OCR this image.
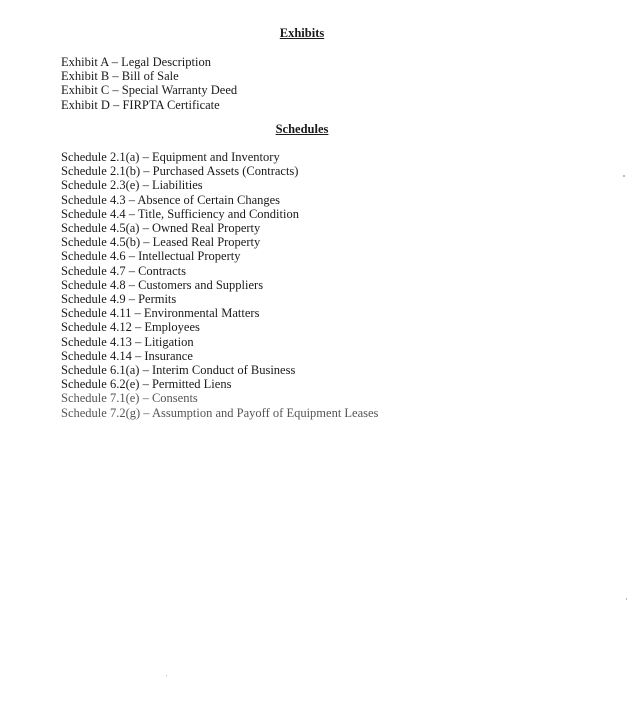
Exhibits
Exhibit A – Legal Description
Exhibit B – Bill of Sale
Exhibit C – Special Warranty Deed
Exhibit D – FIRPTA Certificate
Schedules
Schedule 2.1(a) – Equipment and Inventory
Schedule 2.1(b) – Purchased Assets (Contracts)
Schedule 2.3(e) – Liabilities
Schedule 4.3 – Absence of Certain Changes
Schedule 4.4 – Title, Sufficiency and Condition
Schedule 4.5(a) – Owned Real Property
Schedule 4.5(b) – Leased Real Property
Schedule 4.6 – Intellectual Property
Schedule 4.7 – Contracts
Schedule 4.8 – Customers and Suppliers
Schedule 4.9 – Permits
Schedule 4.11 – Environmental Matters
Schedule 4.12 – Employees
Schedule 4.13 – Litigation
Schedule 4.14 – Insurance
Schedule 6.1(a) – Interim Conduct of Business
Schedule 6.2(e) – Permitted Liens
Schedule 7.1(e) – Consents
Schedule 7.2(g) – Assumption and Payoff of Equipment Leases
